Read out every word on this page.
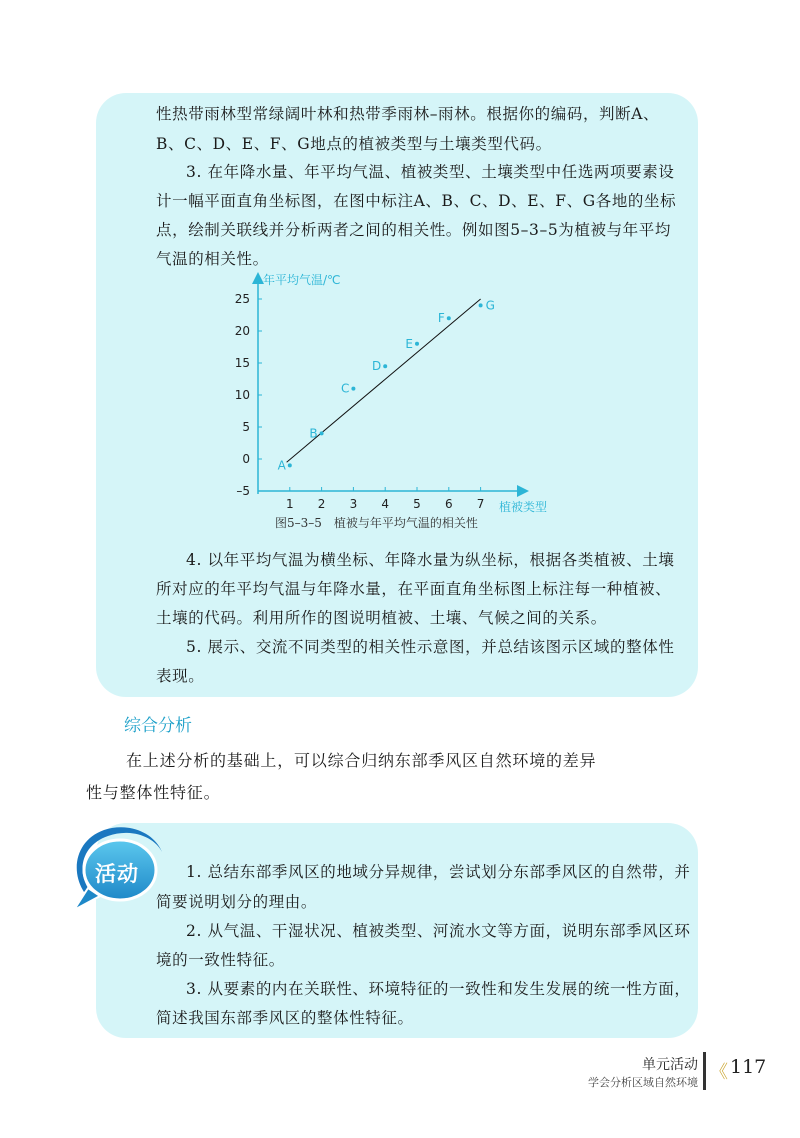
性热带雨林型常绿阔叶林和热带季雨林–雨林。根据你的编码，判断A、

B、C、D、E、F、G地点的植被类型与土壤类型代码。

3. 在年降水量、年平均气温、植被类型、土壤类型中任选两项要素设

计一幅平面直角坐标图，在图中标注A、B、C、D、E、F、G各地的坐标

点，绘制关联线并分析两者之间的相关性。例如图5–3–5为植被与年平均

气温的相关性。

年平均气温/℃
植被类型
25
20
15
10
5
0
–5
1 2 3 4 5 6 7
A
B
C
D
E
F
G
图5–3–5　植被与年平均气温的相关性

4. 以年平均气温为横坐标、年降水量为纵坐标，根据各类植被、土壤

所对应的年平均气温与年降水量，在平面直角坐标图上标注每一种植被、

土壤的代码。利用所作的图说明植被、土壤、气候之间的关系。

5. 展示、交流不同类型的相关性示意图，并总结该图示区域的整体性

表现。

综合分析
在上述分析的基础上，可以综合归纳东部季风区自然环境的差异
性与整体性特征。
活动	1. 总结东部季风区的地域分异规律，尝试划分东部季风区的自然带，并

简要说明划分的理由。

2. 从气温、干湿状况、植被类型、河流水文等方面，说明东部季风区环

境的一致性特征。

3. 从要素的内在关联性、环境特征的一致性和发生发展的统一性方面，

简述我国东部季风区的整体性特征。

单元活动
学会分析区域自然环境 《 117
